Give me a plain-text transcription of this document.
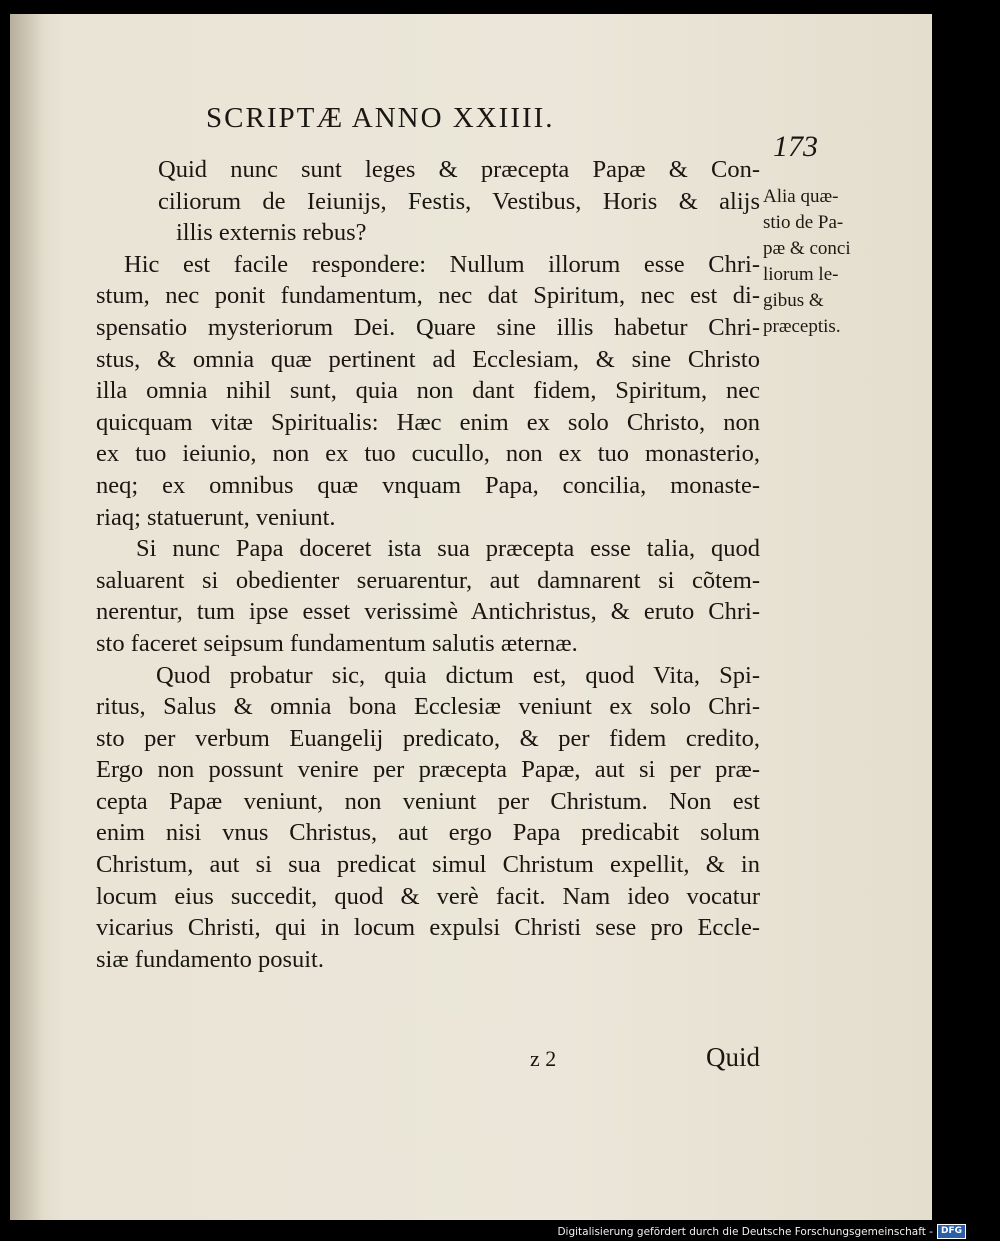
SCRIPTÆ ANNO XXIIII.
173
Alia quæ-
stio de Pa-
pæ & conci
liorum le-
gibus &
præceptis.
Quid nunc sunt leges & præcepta Papæ & Con-
ciliorum de Ieiunijs, Festis, Vestibus, Horis & alijs
illis externis rebus?
Hic est facile respondere: Nullum illorum esse Chri-
stum, nec ponit fundamentum, nec dat Spiritum, nec est di-
spensatio mysteriorum Dei. Quare sine illis habetur Chri-
stus, & omnia quæ pertinent ad Ecclesiam, & sine Christo
illa omnia nihil sunt, quia non dant fidem, Spiritum, nec
quicquam vitæ Spiritualis: Hæc enim ex solo Christo, non
ex tuo ieiunio, non ex tuo cucullo, non ex tuo monasterio,
neq; ex omnibus quæ vnquam Papa, concilia, monaste-
riaq; statuerunt, veniunt.
Si nunc Papa doceret ista sua præcepta esse talia, quod
saluarent si obedienter seruarentur, aut damnarent si cõtem-
nerentur, tum ipse esset verissimè Antichristus, & eruto Chri-
sto faceret seipsum fundamentum salutis æternæ.
Quod probatur sic, quia dictum est, quod Vita, Spi-
ritus, Salus & omnia bona Ecclesiæ veniunt ex solo Chri-
sto per verbum Euangelij predicato, & per fidem credito,
Ergo non possunt venire per præcepta Papæ, aut si per præ-
cepta Papæ veniunt, non veniunt per Christum. Non est
enim nisi vnus Christus, aut ergo Papa predicabit solum
Christum, aut si sua predicat simul Christum expellit, & in
locum eius succedit, quod & verè facit. Nam ideo vocatur
vicarius Christi, qui in locum expulsi Christi sese pro Eccle-
siæ fundamento posuit.
z 2	Quid
Digitalisierung gefördert durch die Deutsche Forschungsgemeinschaft - DFG
